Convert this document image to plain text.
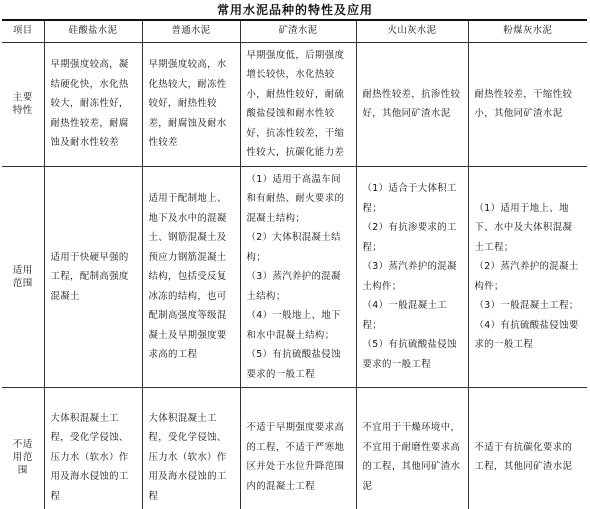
常用水泥品种的特性及应用
项目	硅酸盐水泥	普通水泥	矿渣水泥	火山灰水泥	粉煤灰水泥
主要特性	早期强度较高，凝结硬化快，水化热较大，耐冻性好，耐热性较差，耐腐蚀及耐水性较差	早期强度较高，水化热较大，耐冻性较好，耐热性较差，耐腐蚀及耐水性较差	早期强度低，后期强度增长较快，水化热较小，耐热性较好，耐硫酸盐侵蚀和耐水性较好，抗冻性较差，干缩性较大，抗碳化能力差	耐热性较差，抗渗性较好，其他同矿渣水泥	耐热性较差，干缩性较小，其他同矿渣水泥
适用范围	适用于快硬早强的工程，配制高强度混凝土	适用于配制地上、地下及水中的混凝土、钢筋混凝土及预应力钢筋混凝土结构，包括受反复冰冻的结构，也可配制高强度等级混凝土及早期强度要求高的工程	（1）适用于高温车间和有耐热、耐火要求的混凝土结构；
（2）大体积混凝土结构；
（3）蒸汽养护的混凝土结构；
（4）一般地上、地下和水中混凝土结构；
（5）有抗硫酸盐侵蚀要求的一般工程	（1）适合于大体积工程；
（2）有抗渗要求的工程；
（3）蒸汽养护的混凝土构件；
（4）一般混凝土工程；
（5）有抗硫酸盐侵蚀要求的一般工程	（1）适用于地上、地下、水中及大体积混凝土工程；
（2）蒸汽养护的混凝土构件；
（3）一般混凝土工程；
（4）有抗硫酸盐侵蚀要求的一般工程

不适用范围	大体积混凝土工程，受化学侵蚀、压力水（软水）作用及海水侵蚀的工程	大体积混凝土工程，受化学侵蚀、压力水（软水）作用及海水侵蚀的工程	不适于早期强度要求高的工程，不适于严寒地区并处于水位升降范围内的混凝土工程	不宜用于干燥环境中，不宜用于耐磨性要求高的工程，其他同矿渣水泥	不适于有抗碳化要求的工程，其他同矿渣水泥
